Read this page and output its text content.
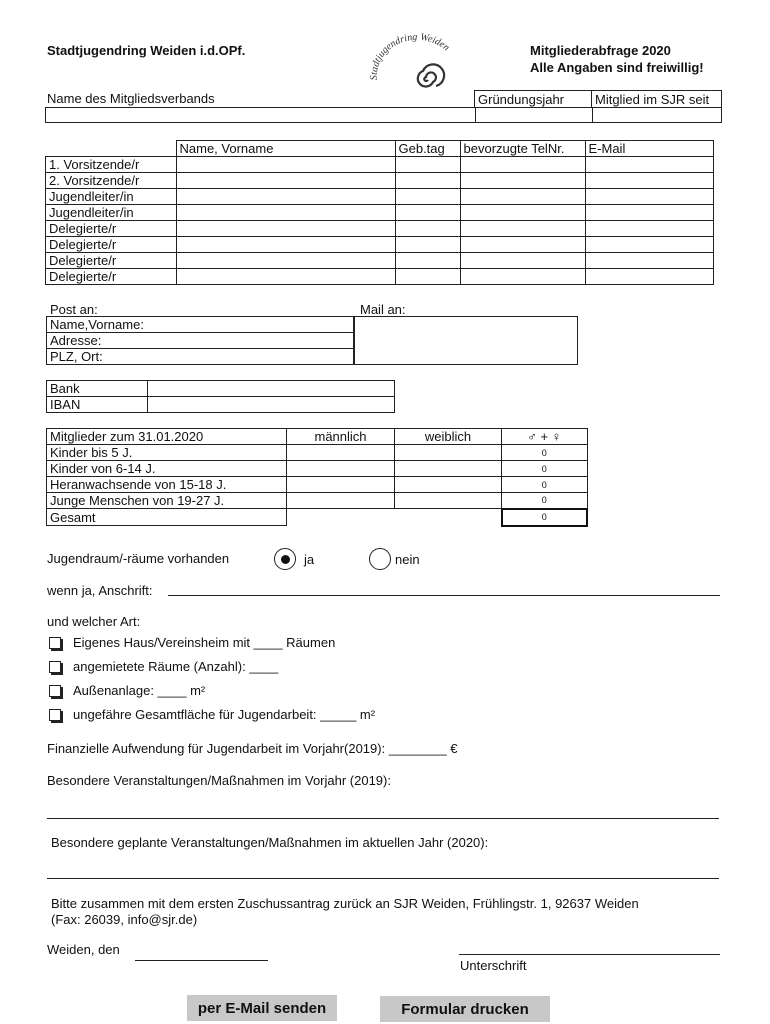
Stadtjugendring Weiden i.d.OPf.	Mitgliederabfrage 2020
Alle Angaben sind freiwillig!
Stadtjugendring Weiden
Name des Mitgliedsverbands	Gründungsjahr	Mitglied im SJR seit

	Name, Vorname	Geb.tag	bevorzugte TelNr.	E-Mail
1. Vorsitzende/r				
2. Vorsitzende/r				
Jugendleiter/in				
Jugendleiter/in				
Delegierte/r				
Delegierte/r				
Delegierte/r				
Delegierte/r				
Post an:	Mail an:
Name,Vorname:
Adresse:
PLZ, Ort:
Bank	
IBAN	
Mitglieder zum 31.01.2020	männlich	weiblich	♂ + ♀
Kinder bis 5 J.			0
Kinder von 6-14 J.			0
Heranwachsende von 15-18 J.			0
Junge Menschen von 19-27 J.			0
Gesamt			0
Jugendraum/-räume vorhanden	ja	nein
wenn ja, Anschrift:
und welcher Art:
Eigenes Haus/Vereinsheim mit ____ Räumen
angemietete Räume (Anzahl): ____
Außenanlage: ____ m²
ungefähre Gesamtfläche für Jugendarbeit: _____ m²
Finanzielle Aufwendung für Jugendarbeit im Vorjahr(2019): ________ €
Besondere Veranstaltungen/Maßnahmen im Vorjahr (2019):
Besondere geplante Veranstaltungen/Maßnahmen im aktuellen Jahr (2020):
Bitte zusammen mit dem ersten Zuschussantrag zurück an SJR Weiden, Frühlingstr. 1, 92637 Weiden
(Fax: 26039, info@sjr.de)
Weiden, den
Unterschrift
per E-Mail senden	Formular drucken
